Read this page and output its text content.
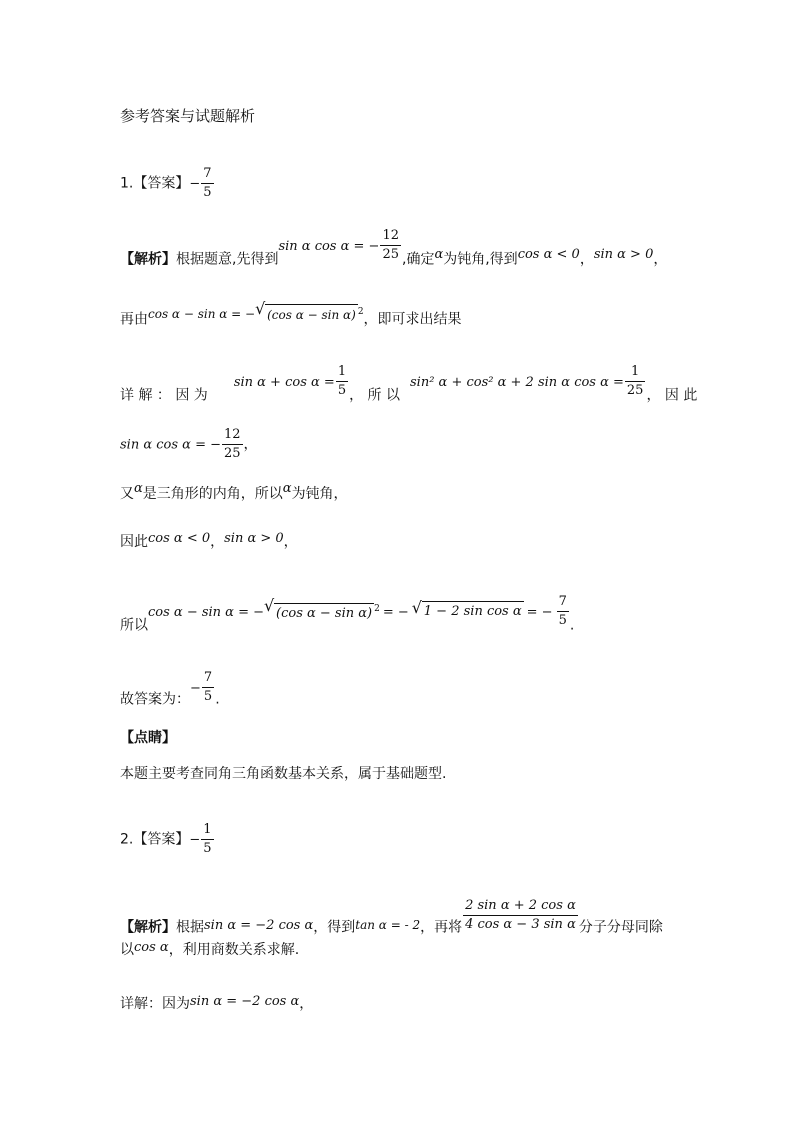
参考答案与试题解析
1.【答案】− $\frac{7}{5}$
【解析】根据题意,先得到sin α cos α = − $\frac{12}{25}$ ,确定α为钝角,得到cos α < 0，sin α > 0，
再由cos α − sin α = − √ (cos α − sin α) $^2$，即可求出结果
详 解 ： 因 为$\sin \alpha + \cos \alpha = \frac{1}{5}$ ， 所 以sin² α + cos² α + 2 sin α $\cos \alpha = \frac{1}{25}$ ， 因 此
sin α cos α = − $\frac{12}{25}$ ，
又α是三角形的内角，所以α为钝角，
因此cos α < 0，sin α > 0，
所以cos α − sin α = − √ (cos α − sin α) $^2$ = − √ 1 − 2 sin cos α = − $\frac{7}{5}$ .
故答案为：− $\frac{7}{5}$ .
【点睛】
本题主要考查同角三角函数基本关系，属于基础题型.
2.【答案】− $\frac{1}{5}$
【解析】根据sin α = −2 cos α，得到tan α = - 2，再将 $\frac{\text{2 sin α + 2 cos α}}{\text{4 cos α − 3 sin α}}$ 分子分母同除
以cos α，利用商数关系求解.
详解：因为sin α = −2 cos α，
